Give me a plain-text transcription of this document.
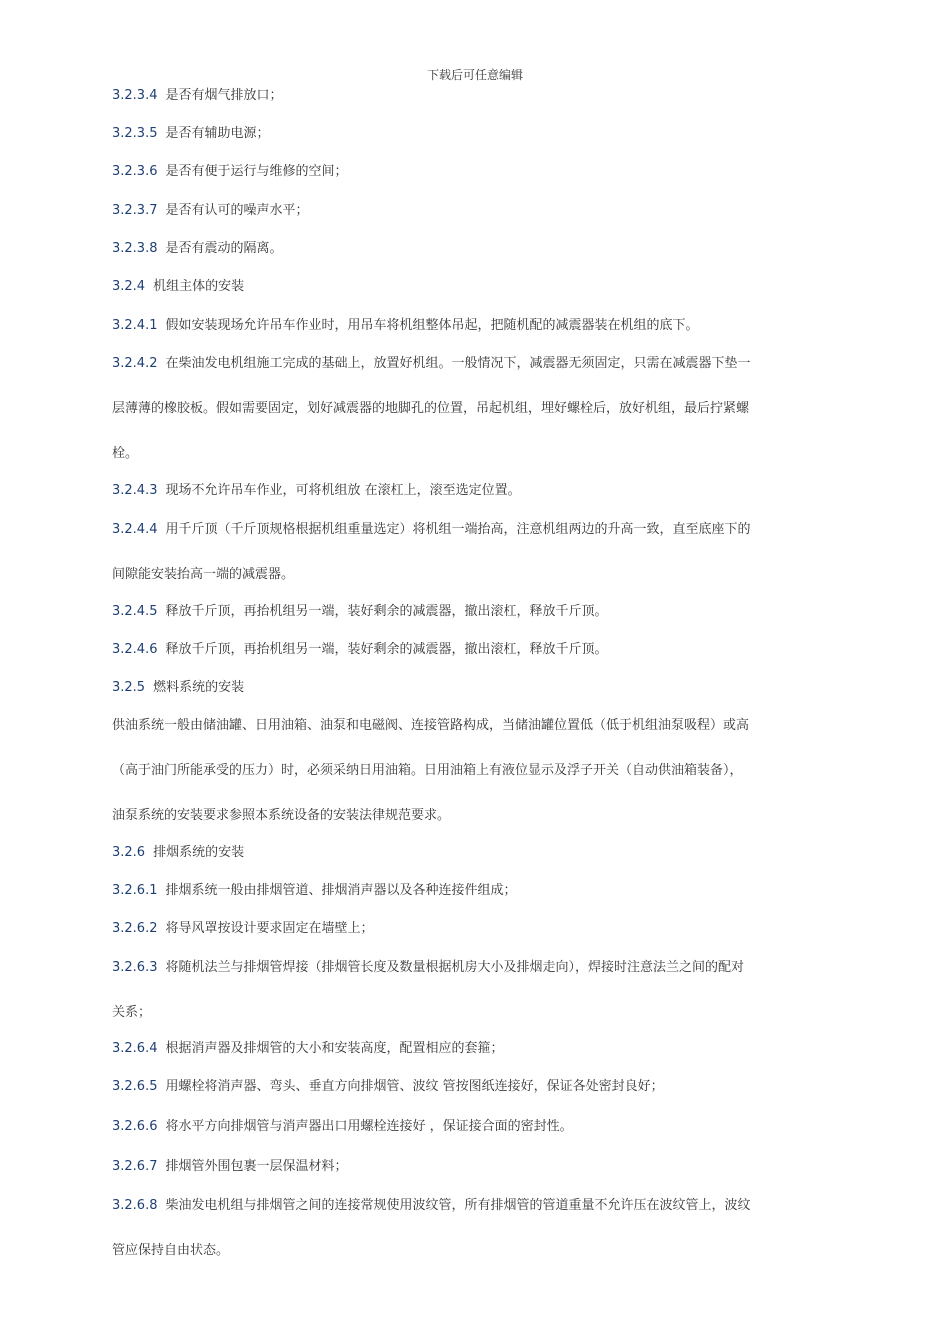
下载后可任意编辑
3.2.3.4 是否有烟气排放口；
3.2.3.5 是否有辅助电源；
3.2.3.6 是否有便于运行与维修的空间；
3.2.3.7 是否有认可的噪声水平；
3.2.3.8 是否有震动的隔离。
3.2.4 机组主体的安装
3.2.4.1 假如安装现场允许吊车作业时，用吊车将机组整体吊起，把随机配的减震器装在机组的底下。
3.2.4.2 在柴油发电机组施工完成的基础上，放置好机组。一般情况下，减震器无须固定，只需在减震器下垫一
层薄薄的橡胶板。假如需要固定，划好减震器的地脚孔的位置，吊起机组，埋好螺栓后，放好机组，最后拧紧螺
栓。
3.2.4.3 现场不允许吊车作业，可将机组放 在滚杠上，滚至选定位置。
3.2.4.4 用千斤顶（千斤顶规格根据机组重量选定）将机组一端抬高，注意机组两边的升高一致，直至底座下的
间隙能安装抬高一端的减震器。
3.2.4.5 释放千斤顶，再抬机组另一端，装好剩余的减震器，撤出滚杠，释放千斤顶。
3.2.4.6 释放千斤顶，再抬机组另一端，装好剩余的减震器，撤出滚杠，释放千斤顶。
3.2.5 燃料系统的安装
供油系统一般由储油罐、日用油箱、油泵和电磁阀、连接管路构成，当储油罐位置低（低于机组油泵吸程）或高
（高于油门所能承受的压力）时，必须采纳日用油箱。日用油箱上有液位显示及浮子开关（自动供油箱装备），
油泵系统的安装要求参照本系统设备的安装法律规范要求。
3.2.6 排烟系统的安装
3.2.6.1 排烟系统一般由排烟管道、排烟消声器以及各种连接件组成；
3.2.6.2 将导风罩按设计要求固定在墙壁上；
3.2.6.3 将随机法兰与排烟管焊接（排烟管长度及数量根据机房大小及排烟走向），焊接时注意法兰之间的配对
关系；
3.2.6.4 根据消声器及排烟管的大小和安装高度，配置相应的套箍；
3.2.6.5 用螺栓将消声器、弯头、垂直方向排烟管、波纹 管按图纸连接好，保证各处密封良好；
3.2.6.6 将水平方向排烟管与消声器出口用螺栓连接好 ，保证接合面的密封性。
3.2.6.7 排烟管外围包裹一层保温材料；
3.2.6.8 柴油发电机组与排烟管之间的连接常规使用波纹管，所有排烟管的管道重量不允许压在波纹管上，波纹
管应保持自由状态。
